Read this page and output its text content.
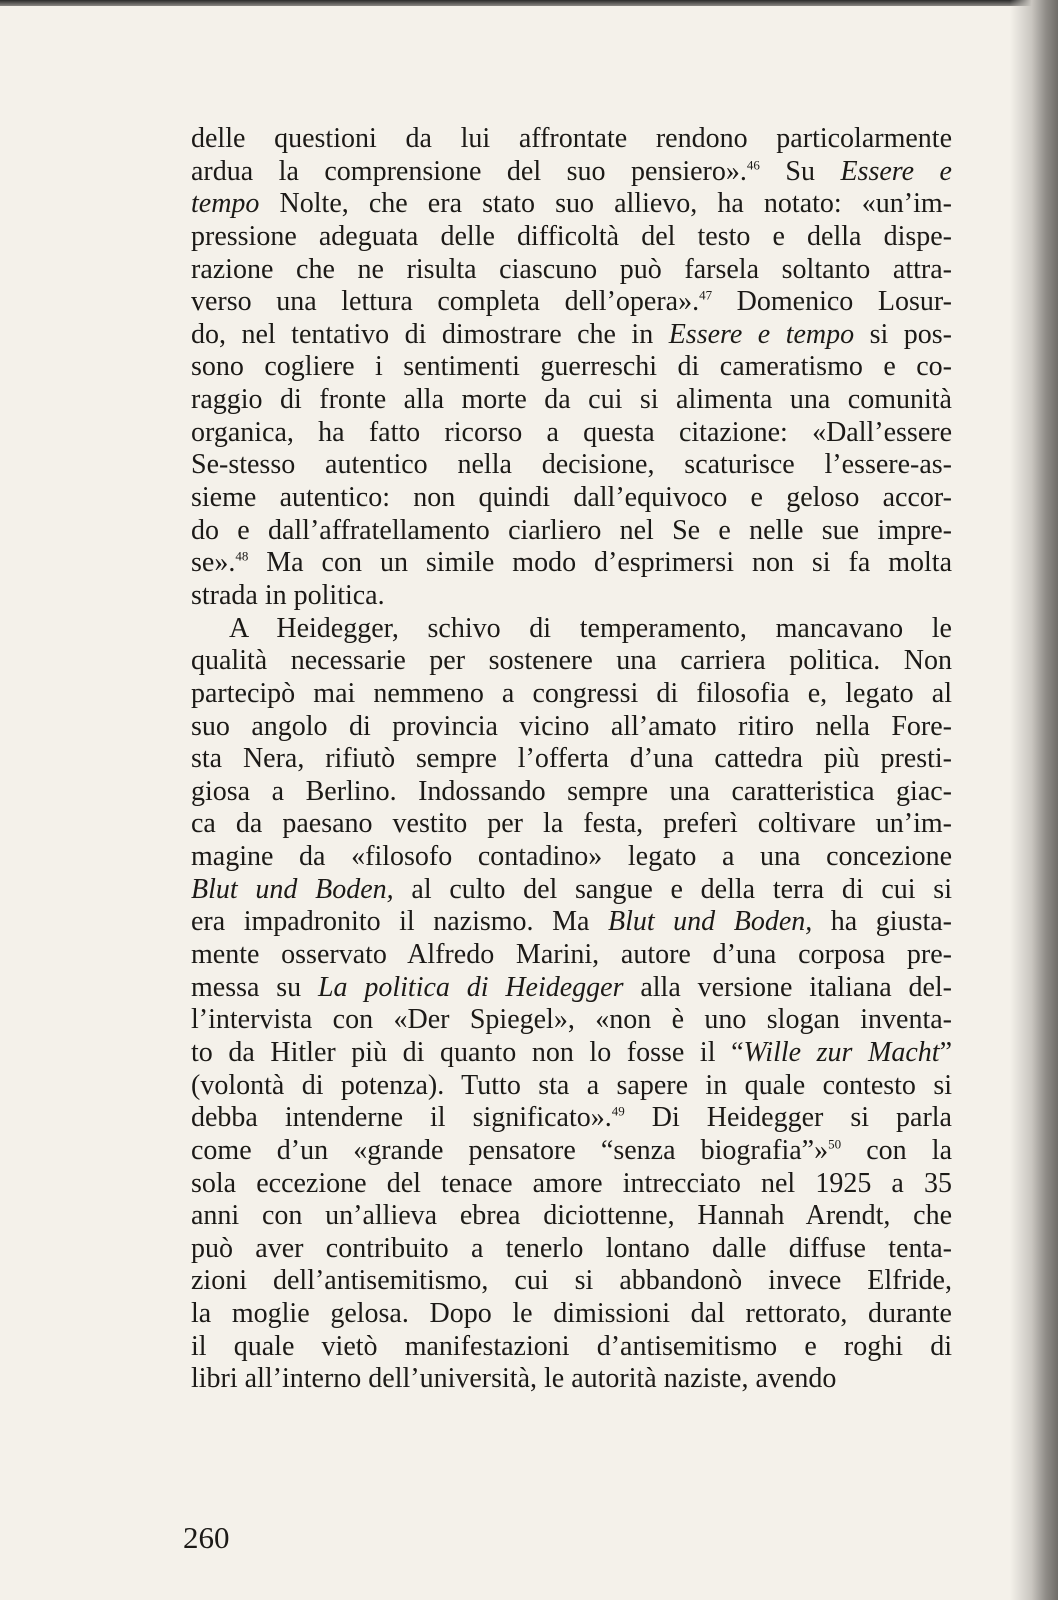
delle questioni da lui affrontate rendono particolarmente
ardua la comprensione del suo pensiero».$^{46}$ Su Essere e
tempo Nolte, che era stato suo allievo, ha notato: «un’im-
pressione adeguata delle difficoltà del testo e della dispe-
razione che ne risulta ciascuno può farsela soltanto attra-
verso una lettura completa dell’opera».$^{47}$ Domenico Losur-
do, nel tentativo di dimostrare che in Essere e tempo si pos-
sono cogliere i sentimenti guerreschi di cameratismo e co-
raggio di fronte alla morte da cui si alimenta una comunità
organica, ha fatto ricorso a questa citazione: «Dall’essere
Se-stesso autentico nella decisione, scaturisce l’essere-as-
sieme autentico: non quindi dall’equivoco e geloso accor-
do e dall’affratellamento ciarliero nel Se e nelle sue impre-
se».$^{48}$ Ma con un simile modo d’esprimersi non si fa molta
strada in politica.
A Heidegger, schivo di temperamento, mancavano le
qualità necessarie per sostenere una carriera politica. Non
partecipò mai nemmeno a congressi di filosofia e, legato al
suo angolo di provincia vicino all’amato ritiro nella Fore-
sta Nera, rifiutò sempre l’offerta d’una cattedra più presti-
giosa a Berlino. Indossando sempre una caratteristica giac-
ca da paesano vestito per la festa, preferì coltivare un’im-
magine da «filosofo contadino» legato a una concezione
Blut und Boden, al culto del sangue e della terra di cui si
era impadronito il nazismo. Ma Blut und Boden, ha giusta-
mente osservato Alfredo Marini, autore d’una corposa pre-
messa su La politica di Heidegger alla versione italiana del-
l’intervista con «Der Spiegel», «non è uno slogan inventa-
to da Hitler più di quanto non lo fosse il “Wille zur Macht”
(volontà di potenza). Tutto sta a sapere in quale contesto si
debba intenderne il significato».$^{49}$ Di Heidegger si parla
come d’un «grande pensatore “senza biografia”»$^{50}$ con la
sola eccezione del tenace amore intrecciato nel 1925 a 35
anni con un’allieva ebrea diciottenne, Hannah Arendt, che
può aver contribuito a tenerlo lontano dalle diffuse tenta-
zioni dell’antisemitismo, cui si abbandonò invece Elfride,
la moglie gelosa. Dopo le dimissioni dal rettorato, durante
il quale vietò manifestazioni d’antisemitismo e roghi di
libri all’interno dell’università, le autorità naziste, avendo
260
